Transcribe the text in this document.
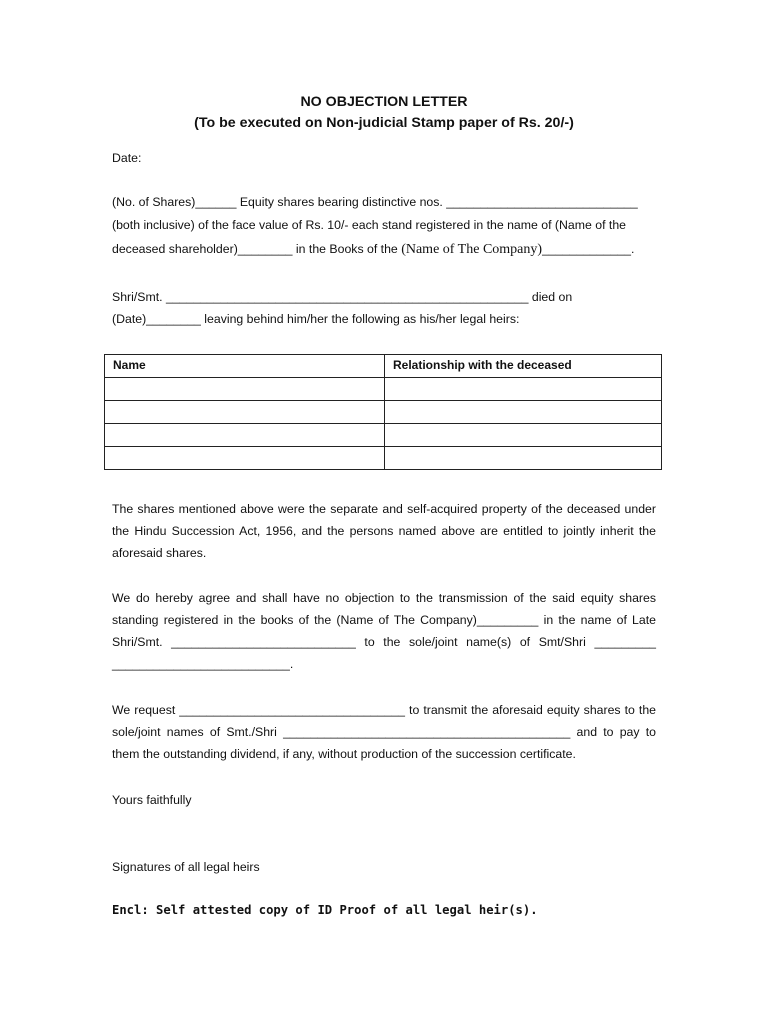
NO OBJECTION LETTER
(To be executed on Non-judicial Stamp paper of Rs. 20/-)
Date:
(No. of Shares)______ Equity shares bearing distinctive nos. ____________________________
(both inclusive) of the face value of Rs. 10/- each stand registered in the name of (Name of the
deceased shareholder)________ in the Books of the (Name of The Company)_____________.
Shri/Smt. _____________________________________________________ died on
(Date)________ leaving behind him/her the following as his/her legal heirs:
Name	Relationship with the deceased

The shares mentioned above were the separate and self-acquired property of the deceased under the Hindu Succession Act, 1956, and the persons named above are entitled to jointly inherit the aforesaid shares.
We do hereby agree and shall have no objection to the transmission of the said equity shares standing registered in the books of the (Name of The Company)_________ in the name of Late Shri/Smt. ___________________________ to the sole/joint name(s) of Smt/Shri _________ __________________________.
We request _________________________________ to transmit the aforesaid equity shares to the sole/joint names of Smt./Shri __________________________________________ and to pay to them the outstanding dividend, if any, without production of the succession certificate.
Yours faithfully
Signatures of all legal heirs
Encl: Self attested copy of ID Proof of all legal heir(s).
